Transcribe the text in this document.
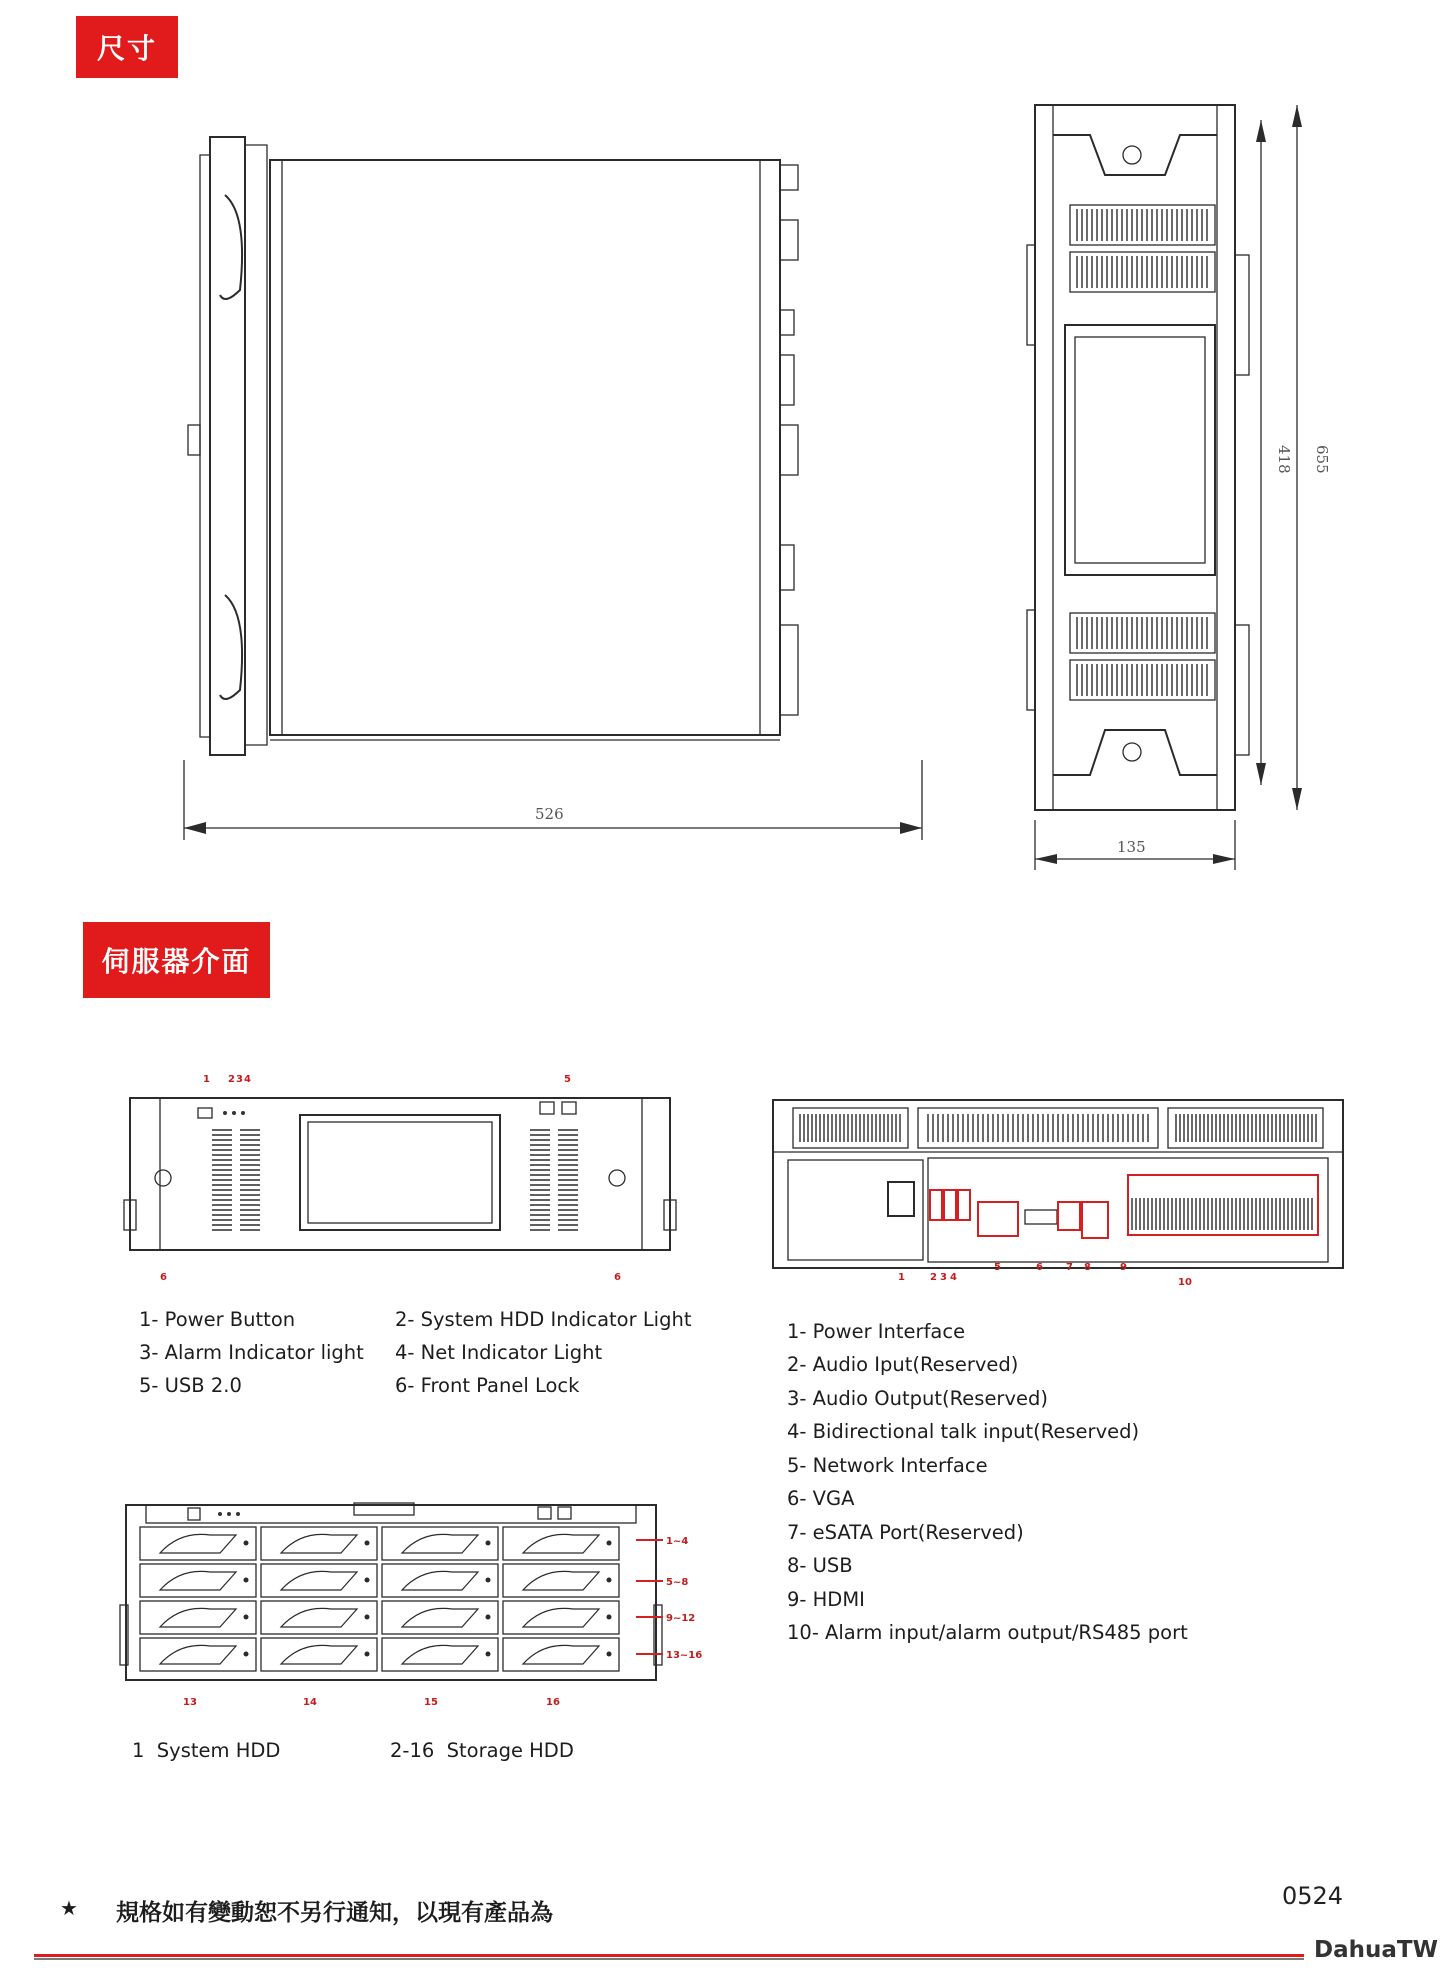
尺寸
伺服器介面
526
418 655
135
1 2 3 4	5
6	6
1- Power Button	2- System HDD Indicator Light
3- Alarm Indicator light 4- Net Indicator Light
5- USB 2.0	6- Front Panel Lock
1	2 3 4
5	6 7 8	9
10
1- Power Interface
2- Audio Iput(Reserved)
3- Audio Output(Reserved)
4- Bidirectional talk input(Reserved)
5- Network Interface
6- VGA
7- eSATA Port(Reserved)
8- USB
9- HDMI
10- Alarm input/alarm output/RS485 port
1~4
5~8
9~12
13~16
13	14	15	16
1  System HDD	2-16  Storage HDD
★ 規格如有變動恕不另行通知，以現有產品為
0524
DahuaTW
